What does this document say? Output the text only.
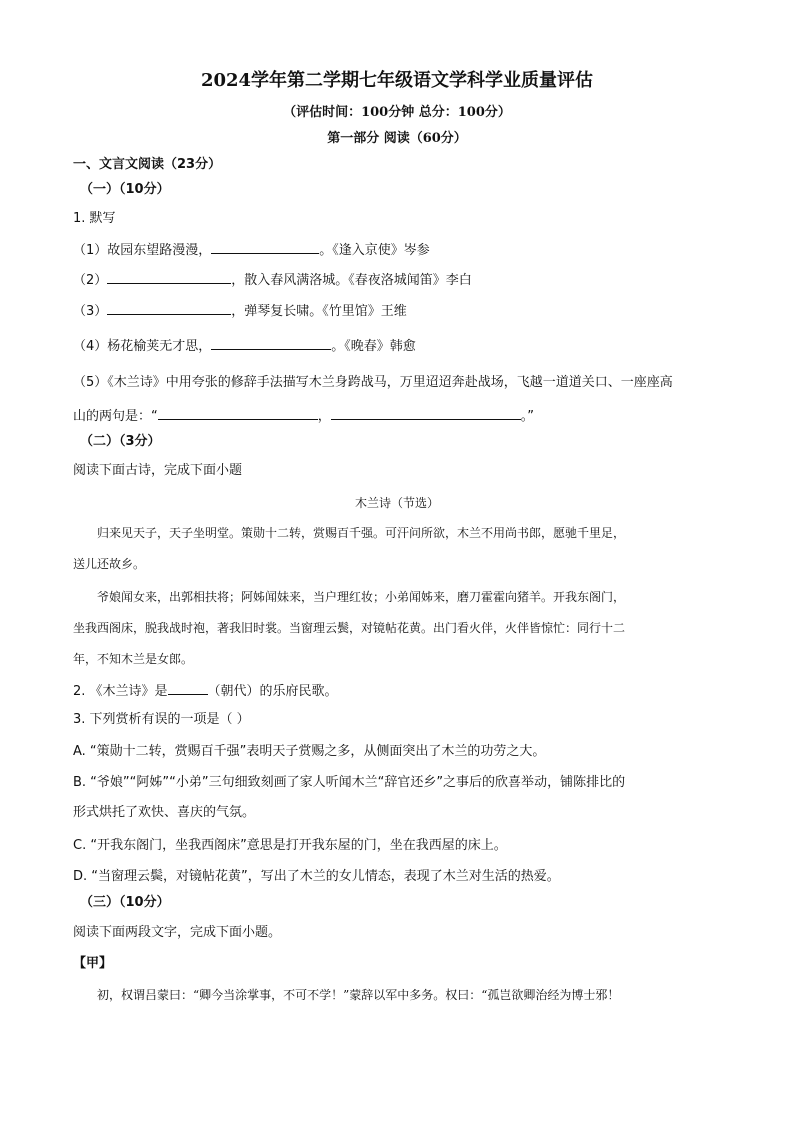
2024学年第二学期七年级语文学科学业质量评估
（评估时间：100分钟 总分：100分）
第一部分 阅读（60分）
一、文言文阅读（23分）
（一）（10分）
1. 默写
（1）故园东望路漫漫，	。《逢入京使》岑参
（2）	，散入春风满洛城。《春夜洛城闻笛》李白
（3）	，弹琴复长啸。《竹里馆》王维
（4）杨花榆荚无才思，	。《晚春》韩愈
（5）《木兰诗》中用夸张的修辞手法描写木兰身跨战马，万里迢迢奔赴战场，飞越一道道关口、一座座高
山的两句是：“	，	。”
（二）（3分）
阅读下面古诗，完成下面小题
木兰诗（节选）
归来见天子，天子坐明堂。策勋十二转，赏赐百千强。可汗问所欲，木兰不用尚书郎，愿驰千里足，
送儿还故乡。
爷娘闻女来，出郭相扶将；阿姊闻妹来，当户理红妆；小弟闻姊来，磨刀霍霍向猪羊。开我东阁门，
坐我西阁床，脱我战时袍，著我旧时裳。当窗理云鬓，对镜帖花黄。出门看火伴，火伴皆惊忙：同行十二
年，不知木兰是女郎。
2. 《木兰诗》是	（朝代）的乐府民歌。
3. 下列赏析有误的一项是（ ）
A. “策勋十二转，赏赐百千强”表明天子赏赐之多，从侧面突出了木兰的功劳之大。
B. “爷娘”“阿姊”“小弟”三句细致刻画了家人听闻木兰“辞官还乡”之事后的欣喜举动，铺陈排比的
形式烘托了欢快、喜庆的气氛。
C. “开我东阁门，坐我西阁床”意思是打开我东屋的门，坐在我西屋的床上。
D. “当窗理云鬓，对镜帖花黄”，写出了木兰的女儿情态，表现了木兰对生活的热爱。
（三）（10分）
阅读下面两段文字，完成下面小题。
【甲】
初，权谓吕蒙曰：“卿今当涂掌事，不可不学！”蒙辞以军中多务。权曰：“孤岂欲卿治经为博士邪！
